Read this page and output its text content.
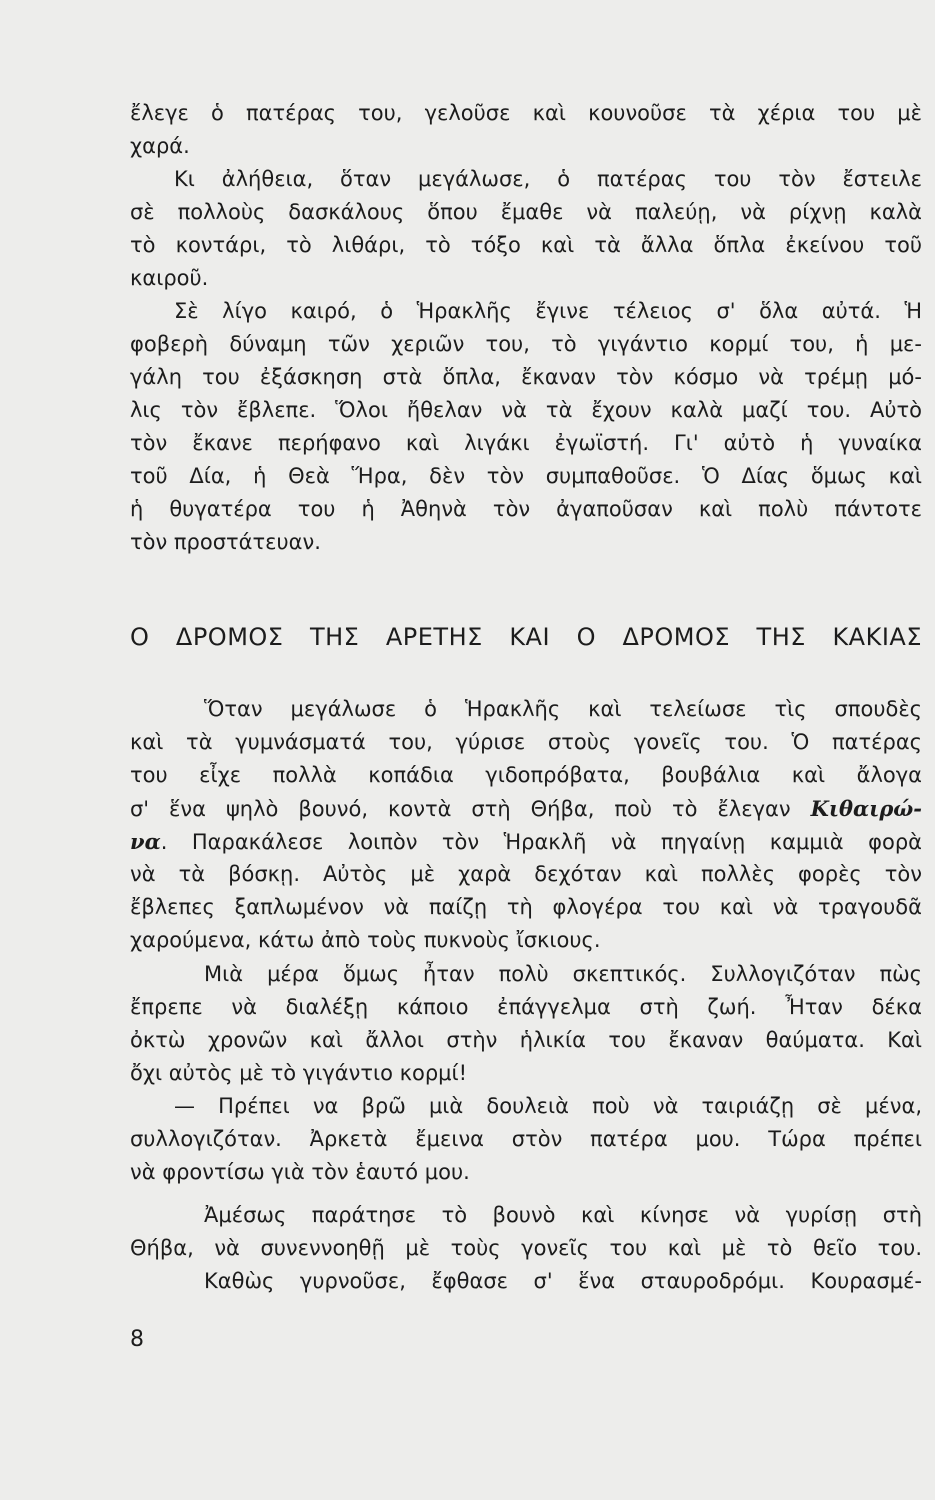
ἔλεγε ὁ πατέρας του, γελοῦσε καὶ κουνοῦσε τὰ χέρια του μὲ
χαρά.
Κι ἀλήθεια, ὅταν μεγάλωσε, ὁ πατέρας του τὸν ἔστειλε
σὲ πολλοὺς δασκάλους ὅπου ἔμαθε νὰ παλεύῃ, νὰ ρίχνῃ καλὰ
τὸ κοντάρι, τὸ λιθάρι, τὸ τόξο καὶ τὰ ἄλλα ὅπλα ἐκείνου τοῦ
καιροῦ.
Σὲ λίγο καιρό, ὁ Ἡρακλῆς ἔγινε τέλειος σ' ὅλα αὐτά. Ἡ
φοβερὴ δύναμη τῶν χεριῶν του, τὸ γιγάντιο κορμί του, ἡ με-
γάλη του ἐξάσκηση στὰ ὅπλα, ἔκαναν τὸν κόσμο νὰ τρέμῃ μό-
λις τὸν ἔβλεπε. Ὅλοι ἤθελαν νὰ τὰ ἔχουν καλὰ μαζί του. Αὐτὸ
τὸν ἔκανε περήφανο καὶ λιγάκι ἐγωϊστή. Γι' αὐτὸ ἡ γυναίκα
τοῦ Δία, ἡ Θεὰ Ἥρα, δὲν τὸν συμπαθοῦσε. Ὁ Δίας ὅμως καὶ
ἡ θυγατέρα του ἡ Ἀθηνὰ τὸν ἀγαποῦσαν καὶ πολὺ πάντοτε
τὸν προστάτευαν.
Ο ΔΡΟΜΟΣ ΤΗΣ ΑΡΕΤΗΣ ΚΑΙ Ο ΔΡΟΜΟΣ ΤΗΣ ΚΑΚΙΑΣ
Ὅταν μεγάλωσε ὁ Ἡρακλῆς καὶ τελείωσε τὶς σπουδὲς
καὶ τὰ γυμνάσματά του, γύρισε στοὺς γονεῖς του. Ὁ πατέρας
του εἶχε πολλὰ κοπάδια γιδοπρόβατα, βουβάλια καὶ ἄλογα
σ' ἕνα ψηλὸ βουνό, κοντὰ στὴ Θήβα, ποὺ τὸ ἔλεγαν Κιθαιρώ-
να. Παρακάλεσε λοιπὸν τὸν Ἡρακλῆ νὰ πηγαίνῃ καμμιὰ φορὰ
νὰ τὰ βόσκῃ. Αὐτὸς μὲ χαρὰ δεχόταν καὶ πολλὲς φορὲς τὸν
ἔβλεπες ξαπλωμένον νὰ παίζῃ τὴ φλογέρα του καὶ νὰ τραγουδᾶ
χαρούμενα, κάτω ἀπὸ τοὺς πυκνοὺς ἴσκιους.
Μιὰ μέρα ὅμως ἦταν πολὺ σκεπτικός. Συλλογιζόταν πὼς
ἔπρεπε νὰ διαλέξῃ κάποιο ἐπάγγελμα στὴ ζωή. Ἦταν δέκα
ὀκτὼ χρονῶν καὶ ἄλλοι στὴν ἡλικία του ἔκαναν θαύματα. Καὶ
ὄχι αὐτὸς μὲ τὸ γιγάντιο κορμί!
— Πρέπει να βρῶ μιὰ δουλειὰ ποὺ νὰ ταιριάζῃ σὲ μένα,
συλλογιζόταν. Ἀρκετὰ ἔμεινα στὸν πατέρα μου. Τώρα πρέπει
νὰ φροντίσω γιὰ τὸν ἑαυτό μου.
Ἀμέσως παράτησε τὸ βουνὸ καὶ κίνησε νὰ γυρίσῃ στὴ
Θήβα, νὰ συνεννοηθῇ μὲ τοὺς γονεῖς του καὶ μὲ τὸ θεῖο του.
Καθὼς γυρνοῦσε, ἔφθασε σ' ἕνα σταυροδρόμι. Κουρασμέ-
8
